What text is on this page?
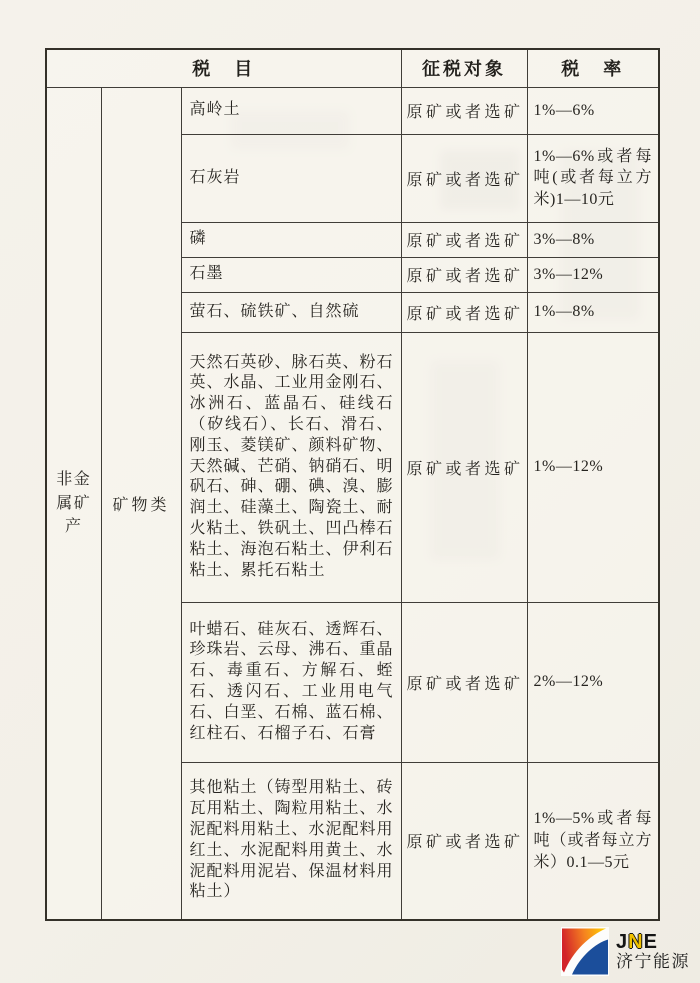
税　目			征税对象	税　率
非金属矿产	矿物类	高岭土	原矿或者选矿	1%—6%
		石灰岩	原矿或者选矿	1%—6%或者每吨(或者每立方米)1—10元
		磷	原矿或者选矿	3%—8%
		石墨	原矿或者选矿	3%—12%
		萤石、硫铁矿、自然硫	原矿或者选矿	1%—8%
		天然石英砂、脉石英、粉石英、水晶、工业用金刚石、冰洲石、蓝晶石、硅线石（矽线石）、长石、滑石、刚玉、菱镁矿、颜料矿物、天然碱、芒硝、钠硝石、明矾石、砷、硼、碘、溴、膨润土、硅藻土、陶瓷土、耐火粘土、铁矾土、凹凸棒石粘土、海泡石粘土、伊利石粘土、累托石粘土	原矿或者选矿	1%—12%
		叶蜡石、硅灰石、透辉石、珍珠岩、云母、沸石、重晶石、毒重石、方解石、蛭石、透闪石、工业用电气石、白垩、石棉、蓝石棉、红柱石、石榴子石、石膏	原矿或者选矿	2%—12%
		其他粘土（铸型用粘土、砖瓦用粘土、陶粒用粘土、水泥配料用粘土、水泥配料用红土、水泥配料用黄土、水泥配料用泥岩、保温材料用粘土）	原矿或者选矿	1%—5%或者每吨（或者每立方米）0.1—5元
JNE
济宁能源
